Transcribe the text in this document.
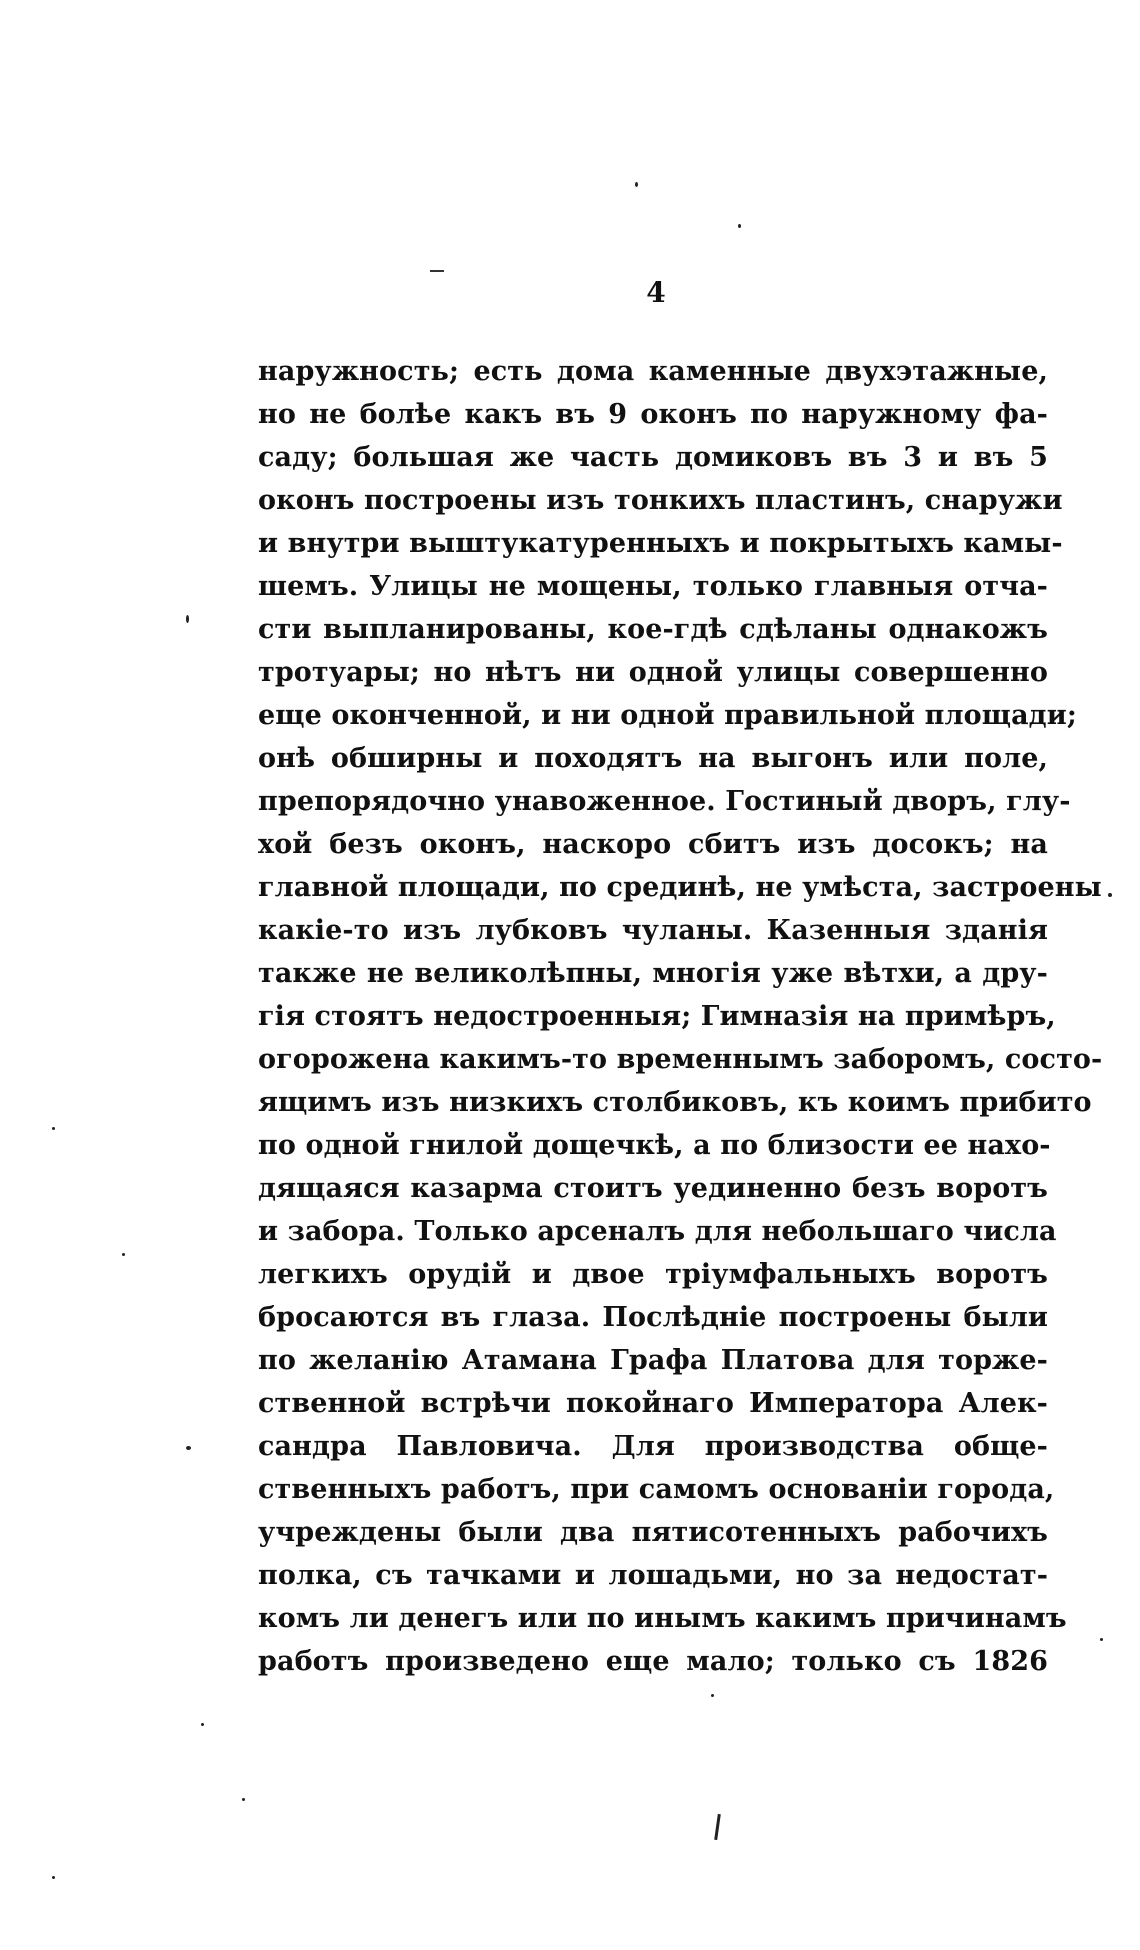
4
наружность; есть дома каменные двухэтажные,
но не болѣе какъ въ 9 оконъ по наружному фа-
саду; большая же часть домиковъ въ 3 и въ 5
оконъ построены изъ тонкихъ пластинъ, снаружи
и внутри выштукатуренныхъ и покрытыхъ камы-
шемъ. Улицы не мощены, только главныя отча-
сти выпланированы, кое-гдѣ сдѣланы однакожъ
тротуары; но нѣтъ ни одной улицы совершенно
еще оконченной, и ни одной правильной площади;
онѣ обширны и походятъ на выгонъ или поле,
препорядочно унавоженное. Гостиный дворъ, глу-
хой безъ оконъ, наскоро сбитъ изъ досокъ; на
главной площади, по срединѣ, не умѣста, застроены
какіе-то изъ лубковъ чуланы. Казенныя зданія
также не великолѣпны, многія уже вѣтхи, а дру-
гія стоятъ недостроенныя; Гимназія на примѣръ,
огорожена какимъ-то временнымъ заборомъ, состо-
ящимъ изъ низкихъ столбиковъ, къ коимъ прибито
по одной гнилой дощечкѣ, а по близости ее нахо-
дящаяся казарма стоитъ уединенно безъ воротъ
и забора. Только арсеналъ для небольшаго числа
легкихъ орудій и двое тріумфальныхъ воротъ
бросаются въ глаза. Послѣдніе построены были
по желанію Атамана Графа Платова для торже-
ственной встрѣчи покойнаго Императора Алек-
сандра Павловича. Для производства обще-
ственныхъ работъ, при самомъ основаніи города,
учреждены были два пятисотенныхъ рабочихъ
полка, съ тачками и лошадьми, но за недостат-
комъ ли денегъ или по инымъ какимъ причинамъ
работъ произведено еще мало; только съ 1826
